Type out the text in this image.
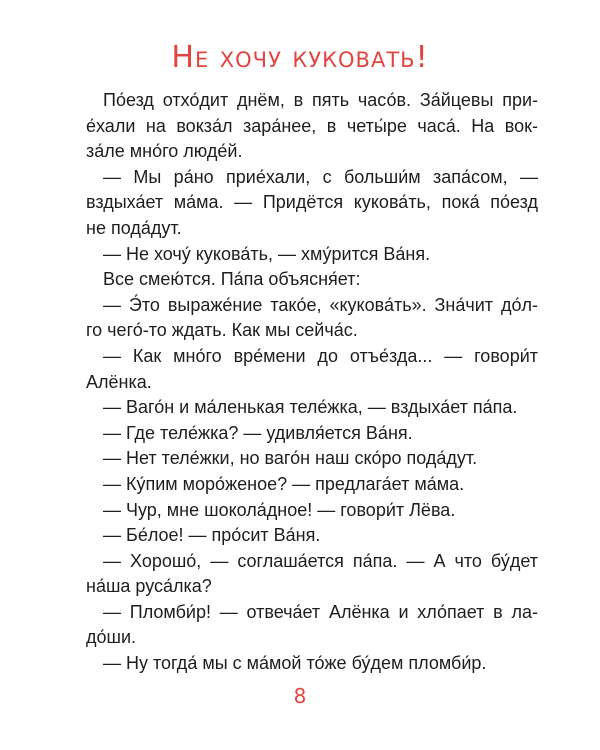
Не хочу куковать!
По́езд отхо́дит днём, в пять часо́в. За́йцевы при-
е́хали на вокза́л зара́нее, в четы́ре часа́. На вок-
за́ле мно́го люде́й.
— Мы ра́но прие́хали, с больши́м запа́сом, —
вздыха́ет ма́ма. — Придётся кукова́ть, пока́ по́езд
не пода́дут.
— Не хочу́ кукова́ть, — хму́рится Ва́ня.
Все смею́тся. Па́па объясня́ет:
— Э́то выраже́ние тако́е, «кукова́ть». Зна́чит до́л-
го чего́-то ждать. Как мы сейча́с.
— Как мно́го вре́мени до отъе́зда... — говори́т
Алёнка.
— Ваго́н и ма́ленькая теле́жка, — вздыха́ет па́па.
— Где теле́жка? — удивля́ется Ва́ня.
— Нет теле́жки, но ваго́н наш ско́ро пода́дут.
— Ку́пим моро́женое? — предлага́ет ма́ма.
— Чур, мне шокола́дное! — говори́т Лёва.
— Бе́лое! — про́сит Ва́ня.
— Хорошо́, — соглаша́ется па́па. — А что бу́дет
на́ша руса́лка?
— Пломби́р! — отвеча́ет Алёнка и хло́пает в ла-
до́ши.
— Ну тогда́ мы с ма́мой то́же бу́дем пломби́р.
8
